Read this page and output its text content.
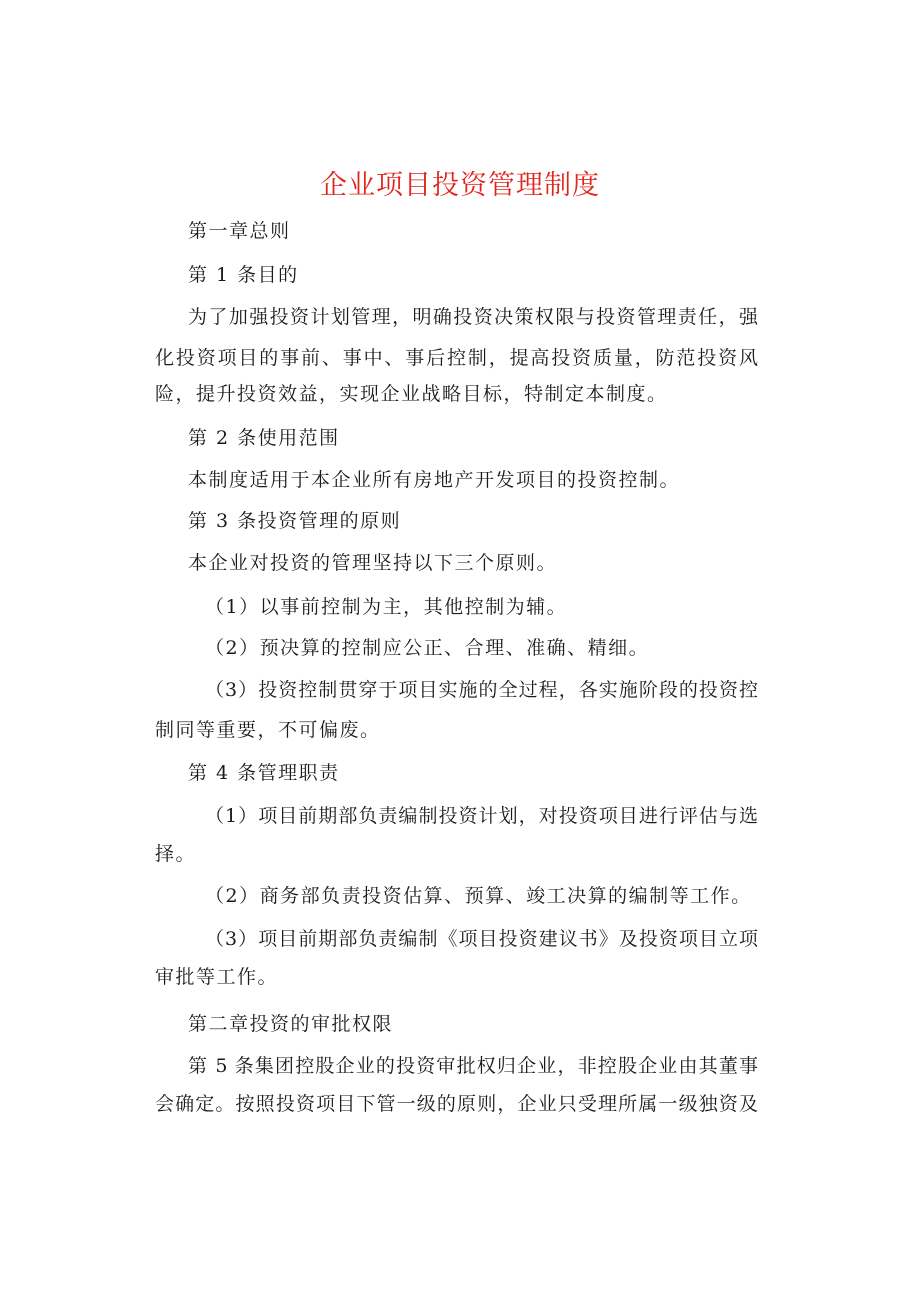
企业项目投资管理制度
第一章总则
第 1 条目的
为了加强投资计划管理，明确投资决策权限与投资管理责任，强
化投资项目的事前、事中、事后控制，提高投资质量，防范投资风
险，提升投资效益，实现企业战略目标，特制定本制度。
第 2 条使用范围
本制度适用于本企业所有房地产开发项目的投资控制。
第 3 条投资管理的原则
本企业对投资的管理坚持以下三个原则。
（1）以事前控制为主，其他控制为辅。
（2）预决算的控制应公正、合理、准确、精细。
（3）投资控制贯穿于项目实施的全过程，各实施阶段的投资控
制同等重要，不可偏废。
第 4 条管理职责
（1）项目前期部负责编制投资计划，对投资项目进行评估与选
择。
（2）商务部负责投资估算、预算、竣工决算的编制等工作。
（3）项目前期部负责编制《项目投资建议书》及投资项目立项
审批等工作。
第二章投资的审批权限
第 5 条集团控股企业的投资审批权归企业，非控股企业由其董事
会确定。按照投资项目下管一级的原则，企业只受理所属一级独资及
